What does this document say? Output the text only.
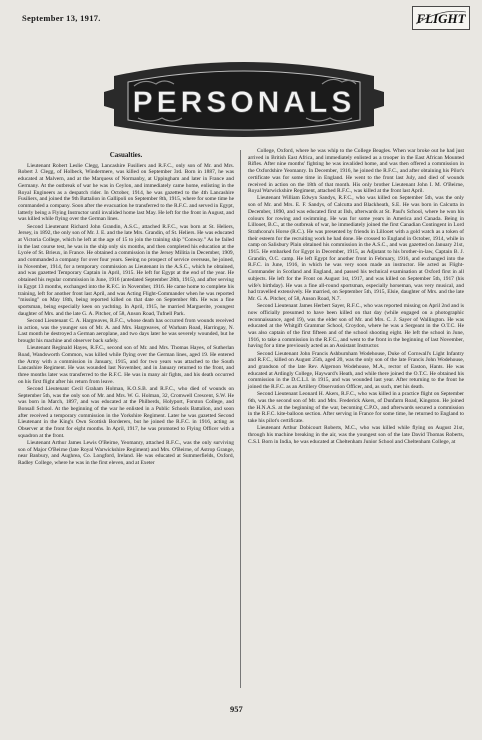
September 13, 1917.	FLIGHT
PERSONALS
Casualties.

Lieutenant Robert Leslie Clegg, Lancashire Fusiliers and R.F.C., only son of Mr. and Mrs. Robert J. Clegg, of Holbeck, Windermere, was killed on September 3rd. Born in 1887, he was educated at Malvern, and at the Marquess of Normanby, at Uppingham and later in France and Germany. At the outbreak of war he was in Ceylon, and immediately came home, enlisting in the Royal Engineers as a despatch rider. In October, 1914, he was gazetted to the 4th Lancashire Fusiliers, and joined the 9th Battalion in Gallipoli on September 8th, 1915, where for some time he commanded a company. Soon after the evacuation he transferred to the R.F.C. and served in Egypt, latterly being a Flying Instructor until invalided home last May. He left for the front in August, and was killed while flying over the German lines.

Second Lieutenant Richard John Grandin, A.S.C., attached R.F.C., was born at St. Heliers, Jersey, in 1892, the only son of Mr. J. E. and the late Mrs. Grandin, of St. Heliers. He was educated at Victoria College, which he left at the age of 15 to join the training ship "Conway." As he failed in the last course test, he was in the ship only six months, and then completed his education at the Lycée of St. Brieux, in France. He obtained a commission in the Jersey Militia in December, 1909, and commanded a company for over four years. Seeing no prospect of service overseas, he joined, in November, 1914, for a temporary commission as Lieutenant in the A.S.C., which he obtained, and was gazetted Temporary Captain in April, 1915. He left for Egypt at the end of the year. He obtained his regular commission in June, 1916 (antedated September 28th, 1915), and after serving in Egypt 13 months, exchanged into the R.F.C. in November, 1916. He came home to complete his training, left for another front last April, and was Acting Flight-Commander when he was reported "missing" on May 18th, being reported killed on that date on September 8th. He was a fine sportsman, being especially keen on yachting. In April, 1915, he married Marguerite, youngest daughter of Mrs. and the late G. A. Pitcher, of 58, Anson Road, Tufnell Park.

Second Lieutenant C. A. Hargreaves, R.F.C., whose death has occurred from wounds received in action, was the younger son of Mr. A. and Mrs. Hargreaves, of Warham Road, Harringay, N. Last month he destroyed a German aeroplane, and two days later he was severely wounded, but he brought his machine and observer back safely.

Lieutenant Reginald Hayes, R.F.C., second son of Mr. and Mrs. Thomas Hayes, of Sutherlan Road, Wandsworth Common, was killed while flying over the German lines, aged 19. He entered the Army with a commission in January, 1915, and for two years was attached to the South Lancashire Regiment. He was wounded last November, and in January returned to the front, and three months later was transferred to the R.F.C. He was in many air fights, and his death occurred on his first flight after his return from leave.

Second Lieutenant Cecil Graham Holman, K.O.S.B. and R.F.C., who died of wounds on September 5th, was the only son of Mr. and Mrs. W. G. Holman, 32, Cromwell Crescent, S.W. He was born in March, 1897, and was educated at the Philberds, Holyport, Forston College, and Bonsall School. At the beginning of the war he enlisted in a Public Schools Battalion, and soon after received a temporary commission in the Yorkshire Regiment. Later he was gazetted Second Lieutenant in the King's Own Scottish Borderers, but he joined the R.F.C. in 1916, acting as Observer at the front for eight months. In April, 1917, he was promoted to Flying Officer with a squadron at the front.

Lieutenant Arthur James Lewis O'Beirne, Yeomanry, attached R.F.C., was the only surviving son of Major O'Beirne (late Royal Warwickshire Regiment) and Mrs. O'Beirne, of Astrop Grange, near Banbury, and Aughrea, Co. Longford, Ireland. He was educated at Summerfields, Oxford, Radley College, where he was in the first eleven, and at Exeter

College, Oxford, where he was whip to the College Beagles. When war broke out he had just arrived in British East Africa, and immediately enlisted as a trooper in the East African Mounted Rifles. After nine months' fighting he was invalided home, and was then offered a commission in the Oxfordshire Yeomanry. In December, 1916, he joined the R.F.C., and after obtaining his Pilot's certificate was for some time in England. He went to the front last July, and died of wounds received in action on the 18th of that month. His only brother Lieutenant John I. M. O'Beirne, Royal Warwickshire Regiment, attached R.F.C., was killed at the front last April.

Lieutenant William Edwyn Sandys, R.F.C., who was killed on September 5th, was the only son of Mr. and Mrs. E. F. Sandys, of Calcutta and Blackheath, S.E. He was born in Calcutta in December, 1890, and was educated first at Ilsh, afterwards at St. Paul's School, where he won his colours for rowing and swimming. He was for some years in America and Canada. Being in Lillooet, B.C., at the outbreak of war, he immediately joined the first Canadian Contingent in Lord Strathcona's Horse (R.C.). He was presented by friends in Lillooet with a gold watch as a token of their esteem for the recruiting work he had done. He crossed to England in October, 1914, while in camp on Salisbury Plain obtained his commission in the A.S.C., and was gazetted on January 21st, 1915. He embarked for Egypt in December, 1915, as Adjutant to his brother-in-law, Captain B. J. Grandin, O.C. camp. He left Egypt for another front in February, 1916, and exchanged into the R.F.C. in June, 1916, in which he was very soon made an instructor. He acted as Flight-Commander in Scotland and England, and passed his technical examination at Oxford first in all subjects. He left for the Front on August 1st, 1917, and was killed on September 5th, 1917 (his wife's birthday). He was a fine all-round sportsman, especially horseman, was very musical, and had travelled extensively. He married, on September 5th, 1915, Elsie, daughter of Mrs. and the late Mr. G. A. Pitcher, of 58, Anson Road, N.7.

Second Lieutenant James Herbert Sayer, R.F.C., who was reported missing on April 2nd and is now officially presumed to have been killed on that day (while engaged on a photographic reconnaissance, aged 19), was the elder son of Mr. and Mrs. C. J. Sayer of Wallington. He was educated at the Whitgift Grammar School, Croydon, where he was a Sergeant in the O.T.C. He was also captain of the first fifteen and of the school shooting eight. He left the school in June, 1916, to take a commission in the R.F.C., and went to the front in the beginning of last November, having for a time previously acted as an Assistant Instructor.

Second Lieutenant John Francis Ashburnham Wodehouse, Duke of Cornwall's Light Infantry and R.F.C., killed on August 25th, aged 20, was the only son of the late Francis John Wodehouse, and grandson of the late Rev. Algernon Wodehouse, M.A., rector of Easton, Hants. He was educated at Ardingly College, Hayward's Heath, and while there joined the O.T.C. He obtained his commission in the D.C.L.I. in 1915, and was wounded last year. After returning to the front he joined the R.F.C. as an Artillery Observation Officer, and, as such, met his death.

Second Lieutenant Leonard H. Akers, R.F.C., who was killed in a practice flight on September 6th, was the second son of Mr. and Mrs. Frederick Akers, of Dunfarm Road, Kingston. He joined the H.N.A.S. at the beginning of the war, becoming C.P.O., and afterwards secured a commission in the R.F.C. kite-balloon section. After serving in France for some time, he returned to England to take his pilot's certificate.

Lieutenant Arthur Dobicourt Roberts, M.C., who was killed while flying on August 21st, through his machine breaking in the air, was the youngest son of the late David Thomas Roberts, C.S.I. Born in India, he was educated at Cheltenham Junior School and Cheltenham College, at

957
